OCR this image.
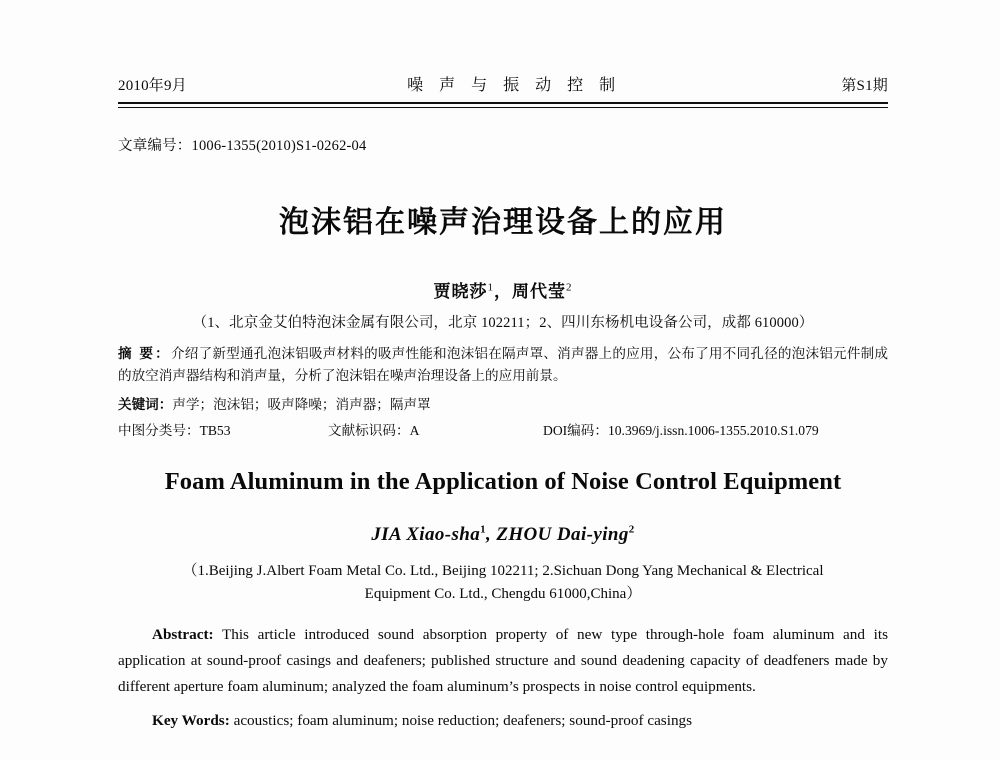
2010年9月	噪 声 与 振 动 控 制	第S1期
文章编号：1006-1355(2010)S1-0262-04
泡沫铝在噪声治理设备上的应用
贾晓莎$^1$，周代莹$^2$
（1、北京金艾伯特泡沫金属有限公司，北京 102211；2、四川东杨机电设备公司，成都 610000）
摘 要：介绍了新型通孔泡沫铝吸声材料的吸声性能和泡沫铝在隔声罩、消声器上的应用，公布了用不同孔径的泡沫铝元件制成的放空消声器结构和消声量，分析了泡沫铝在噪声治理设备上的应用前景。
关键词：声学；泡沫铝；吸声降噪；消声器；隔声罩
中图分类号：TB53	文献标识码：A	DOI编码：10.3969/j.issn.1006-1355.2010.S1.079
Foam Aluminum in the Application of Noise Control Equipment
JIA Xiao-sha$^1$, ZHOU Dai-ying$^2$
（1.Beijing J.Albert Foam Metal Co. Ltd., Beijing 102211; 2.Sichuan Dong Yang Mechanical & Electrical
Equipment Co. Ltd., Chengdu 61000,China）
Abstract: This article introduced sound absorption property of new type through-hole foam aluminum and its application at sound-proof casings and deafeners; published structure and sound deadening capacity of deadfeners made by different aperture foam aluminum; analyzed the foam aluminum’s prospects in noise control equipments.
Key Words: acoustics; foam aluminum; noise reduction; deafeners; sound-proof casings
